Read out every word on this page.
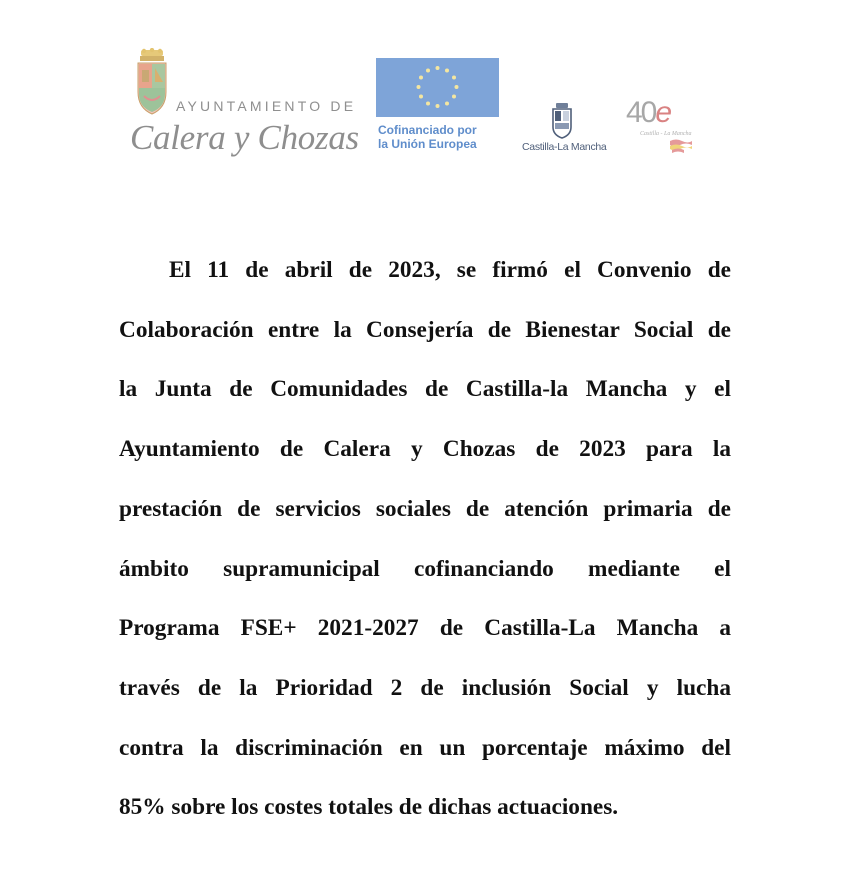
AYUNTAMIENTO DE
Calera y Chozas Cofinanciado por
la Unión Europea	Castilla-La Mancha
40e
Castilla - La Mancha
El 11 de abril de 2023, se firmó el Convenio de
Colaboración entre la Consejería de Bienestar Social de
la Junta de Comunidades de Castilla-la Mancha y el
Ayuntamiento de Calera y Chozas de 2023 para la
prestación de servicios sociales de atención primaria de
ámbito supramunicipal cofinanciando mediante el
Programa FSE+ 2021-2027 de Castilla-La Mancha a
través de la Prioridad 2 de inclusión Social y lucha
contra la discriminación en un porcentaje máximo del
85% sobre los costes totales de dichas actuaciones.
